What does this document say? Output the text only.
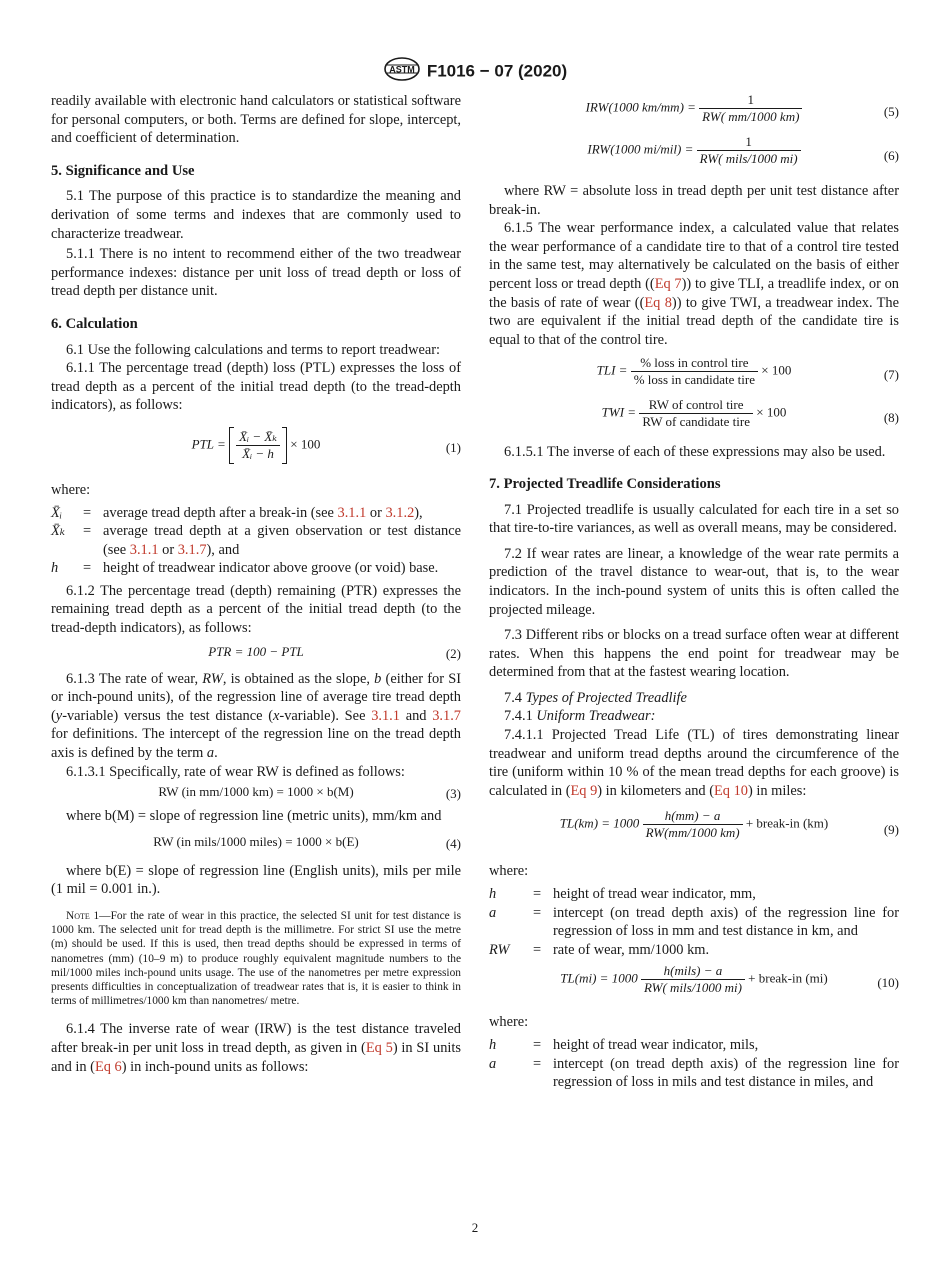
ASTM F1016 − 07 (2020)

readily available with electronic hand calculators or statistical software for personal computers, or both. Terms are defined for slope, intercept, and coefficient of determination.

5. Significance and Use

5.1 The purpose of this practice is to standardize the meaning and derivation of some terms and indexes that are commonly used to characterize treadwear.

5.1.1 There is no intent to recommend either of the two treadwear performance indexes: distance per unit loss of tread depth or loss of tread depth per distance unit.

6. Calculation

6.1 Use the following calculations and terms to report treadwear:

6.1.1 The percentage tread (depth) loss (PTL) expresses the loss of tread depth as a percent of the initial tread depth (to the tread-depth indicators), as follows:

PTL = $\frac{\text{X̄ᵢ − X̄ₖ}}{\text{X̄ᵢ − h}} \times 100$	(1)

where:

X̄ᵢ	= average tread depth after a break-in (see 3.1.1 or 3.1.2),
X̄ₖ	= average tread depth at a given observation or test distance (see 3.1.1 or 3.1.7), and
h	= height of treadwear indicator above groove (or void) base.

6.1.2 The percentage tread (depth) remaining (PTR) expresses the remaining tread depth as a percent of the initial tread depth (to the tread-depth indicators), as follows:

PTR = 100 − PTL	(2)

6.1.3 The rate of wear, RW, is obtained as the slope, b (either for SI or inch-pound units), of the regression line of average tire tread depth (y-variable) versus the test distance (x-variable). See 3.1.1 and 3.1.7 for definitions. The intercept of the regression line on the tread depth axis is defined by the term a.

6.1.3.1 Specifically, rate of wear RW is defined as follows:

RW (in mm/1000 km) = 1000 × b(M)	(3)

where b(M) = slope of regression line (metric units), mm/km and

RW (in mils/1000 miles) = 1000 × b(E)	(4)

where b(E) = slope of regression line (English units), mils per mile (1 mil = 0.001 in.).

Note 1—For the rate of wear in this practice, the selected SI unit for test distance is 1000 km. The selected unit for tread depth is the millimetre. For strict SI use the metre (m) should be used. If this is used, then tread depths should be expressed in terms of nanometres (mm) (10–9 m) to produce roughly equivalent magnitude numbers to the mil/1000 miles inch-pound units usage. The use of the nanometres per metre expression presents difficulties in conceptualization of treadwear rates that is, it is easier to think in terms of millimetres/1000 km than nanometres/ metre.

6.1.4 The inverse rate of wear (IRW) is the test distance traveled after break-in per unit loss in tread depth, as given in (Eq 5) in SI units and in (Eq 6) in inch-pound units as follows:

IRW(1000 $km/mm) = \frac{1}{RW( mm/1000 km)}$	(5)
IRW(1000 $mi/mil) = \frac{1}{\text{RW( mils/1000 mi)}}$	(6)

where RW = absolute loss in tread depth per unit test distance after break-in.

6.1.5 The wear performance index, a calculated value that relates the wear performance of a candidate tire to that of a control tire tested in the same test, may alternatively be calculated on the basis of either percent loss or tread depth ((Eq 7)) to give TLI, a treadlife index, or on the basis of rate of wear ((Eq 8)) to give TWI, a treadwear index. The two are equivalent if the initial tread depth of the candidate tire is equal to that of the control tire.

TLI = $\frac{\text{\% loss in control tire}}{\text{\% loss in candidate tire}} \times 100$	(7)
TWI = $\frac{\text{RW of control tire}}{\text{RW of candidate tire}} \times 100$	(8)

6.1.5.1 The inverse of each of these expressions may also be used.

7. Projected Treadlife Considerations

7.1 Projected treadlife is usually calculated for each tire in a set so that tire-to-tire variances, as well as overall means, may be considered.

7.2 If wear rates are linear, a knowledge of the wear rate permits a prediction of the travel distance to wear-out, that is, to the wear indicators. In the inch-pound system of units this is often called the projected mileage.

7.3 Different ribs or blocks on a tread surface often wear at different rates. When this happens the end point for treadwear may be determined from that at the fastest wearing location.

7.4 Types of Projected Treadlife

7.4.1 Uniform Treadwear:

7.4.1.1 Projected Tread Life (TL) of tires demonstrating linear treadwear and uniform tread depths around the circumference of the tire (uniform within 10 % of the mean tread depths for each groove) is calculated in (Eq 9) in kilometers and (Eq 10) in miles:

$TL(km) = 1000 \frac{h(mm) - a}{RW(mm/1000 km)}$ + break-in (km)	(9)

where:

h	= height of tread wear indicator, mm,
a	= intercept (on tread depth axis) of the regression line for regression of loss in mm and test distance in km, and
RW	= rate of wear, mm/1000 km.
$TL(mi) = 1000 \frac{\text{h(mils) − a}}{\text{RW( mils/1000 mi)}}$ + break-in (mi)	(10)

where:

h	= height of tread wear indicator, mils,
a	= intercept (on tread depth axis) of the regression line for regression of loss in mils and test distance in miles, and
2
